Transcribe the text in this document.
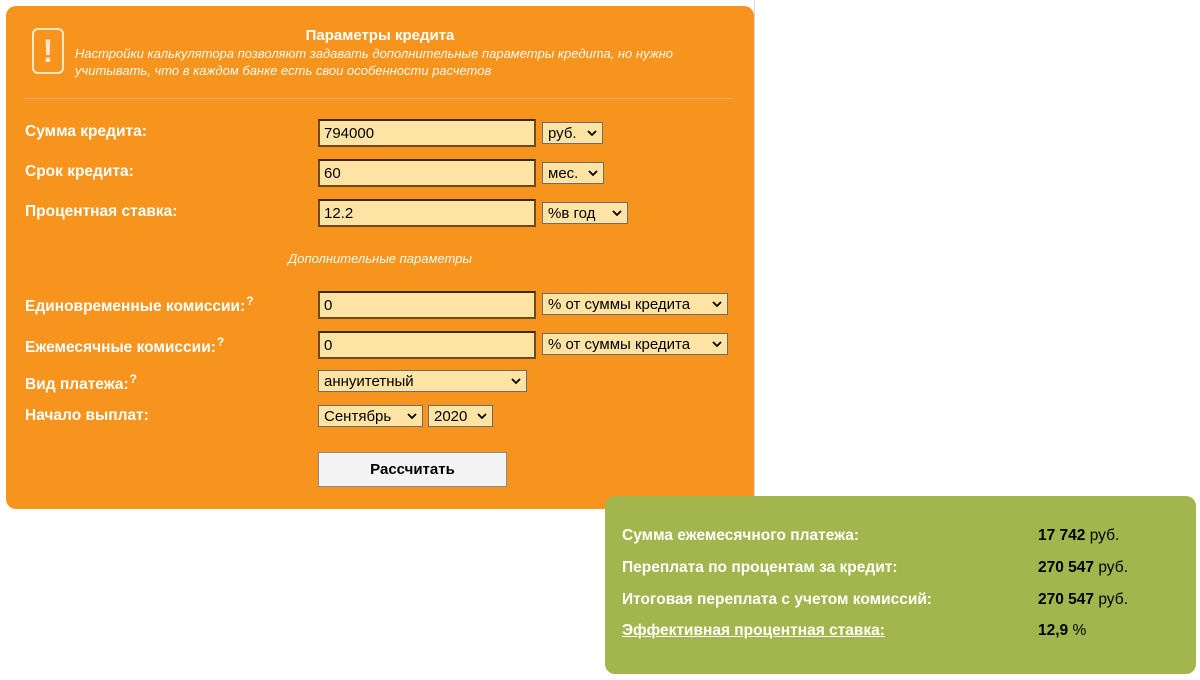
!	Параметры кредита
Настройки калькулятора позволяют задавать дополнительные параметры кредита, но нужно учитывать, что в каждом банке есть свои особенности расчетов
Сумма кредита:
794000	руб.
Срок кредита:
60	мес.
Процентная ставка:
12.2	%в год
Дополнительные параметры
Единовременные комиссии:?
0	% от суммы кредита
Ежемесячные комиссии:?
0	% от суммы кредита
Вид платежа:?	аннуитетный
Начало выплат:	Сентябрь	2020
Рассчитать
Сумма ежемесячного платежа:	17 742 руб.
Переплата по процентам за кредит:	270 547 руб.
Итоговая переплата с учетом комиссий:	270 547 руб.
Эффективная процентная ставка:	12,9 %
